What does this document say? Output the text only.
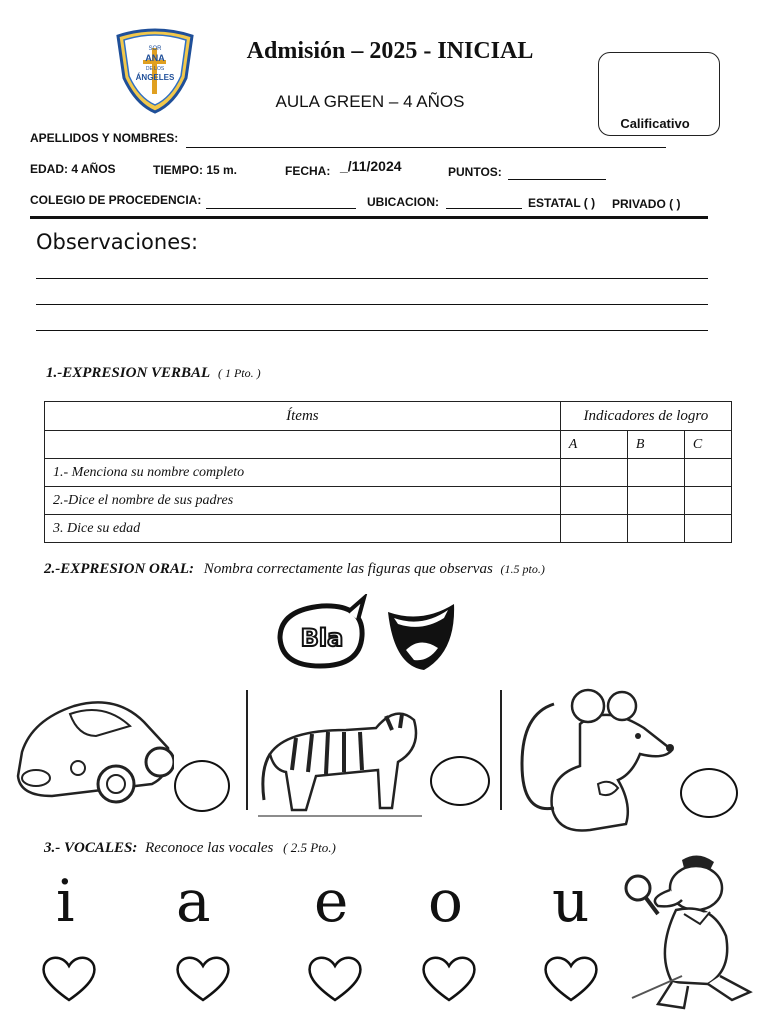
SOR
ANA
DE LOS
ÁNGELES
Admisión – 2025 - INICIAL
AULA GREEN – 4 AÑOS
Calificativo
APELLIDOS Y NOMBRES:
EDAD: 4 AÑOS	TIEMPO: 15 m.	FECHA: _/11/2024	PUNTOS:
COLEGIO DE PROCEDENCIA:	UBICACION:	ESTATAL ( ) PRIVADO ( )
Observaciones:
1.-EXPRESION VERBAL ( 1 Pto. )
Ítems	Indicadores de logro		
	A	B	C
1.- Menciona su nombre completo			
2.-Dice el nombre de sus padres			
3. Dice su edad			
2.-EXPRESION ORAL: Nombra correctamente las figuras que observas (1.5 pto.)
Bla
3.- VOCALES: Reconoce las vocales ( 2.5 Pto.)
i a e o u
